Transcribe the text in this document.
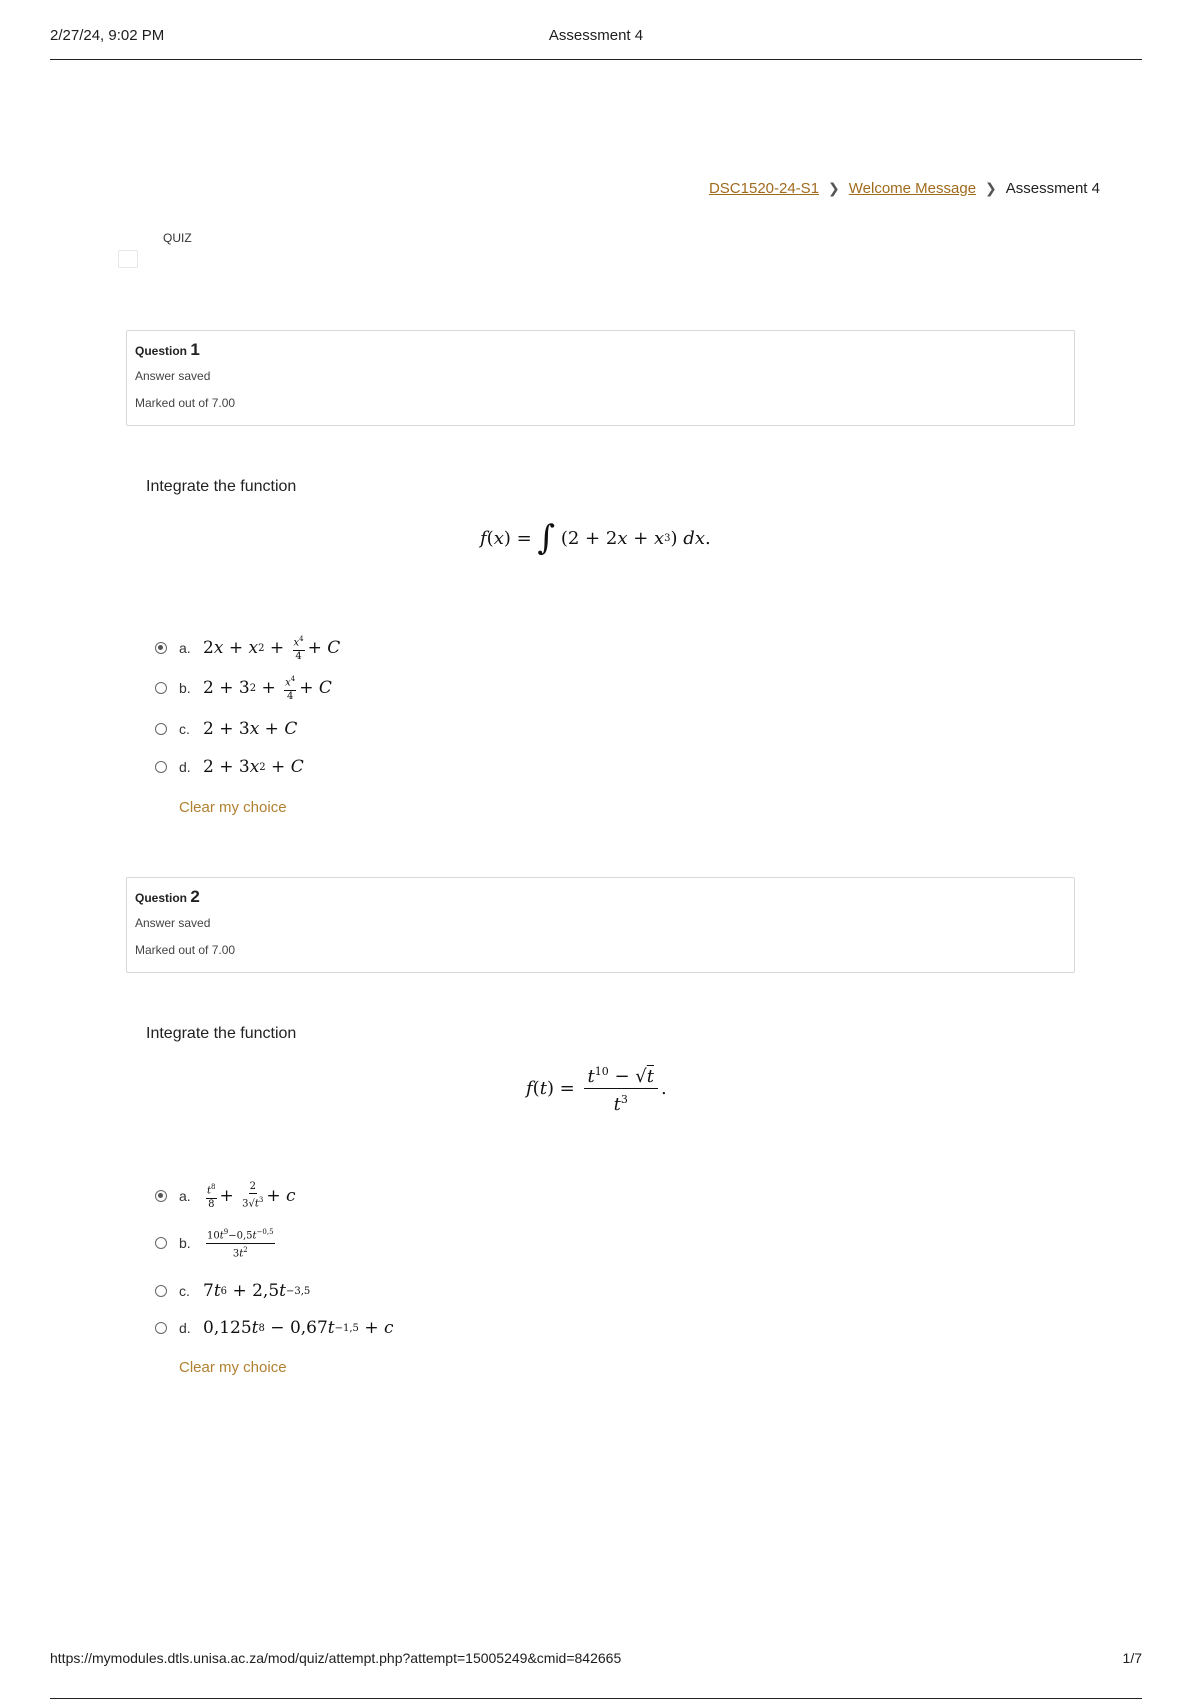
2/27/24, 9:02 PM	Assessment 4
DSC1520-24-S1 ❯ Welcome Message ❯ Assessment 4
QUIZ
Question 1
Answer saved
Marked out of 7.00
Integrate the function
f ( x ) = ∫ (2 + 2 x + x 3 ) dx .
a. 2 x + x $2 + \frac{x^4}{4} + C$
b. 2 + 3 $2 + \frac{x^4}{4} + C$
c. 2 + 3 x + C
d. 2 + 3 x 2 + C
Clear my choice
Question 2
Answer saved
Marked out of 7.00
Integrate the function
f ( t ) = $\frac{t^{10} - √t}{t^3}$ .
a.	$\frac{t^8}{8} + \frac{2}{3√t^3} + c$
b.	$\frac{10t^9-0,5t^{-0,5}}{3t^2}$
c. 7 t 6 + 2,5 t −3,5
d. 0,125 t 8 − 0,67 t −1,5 + c
Clear my choice
https://mymodules.dtls.unisa.ac.za/mod/quiz/attempt.php?attempt=15005249&cmid=842665	1/7
